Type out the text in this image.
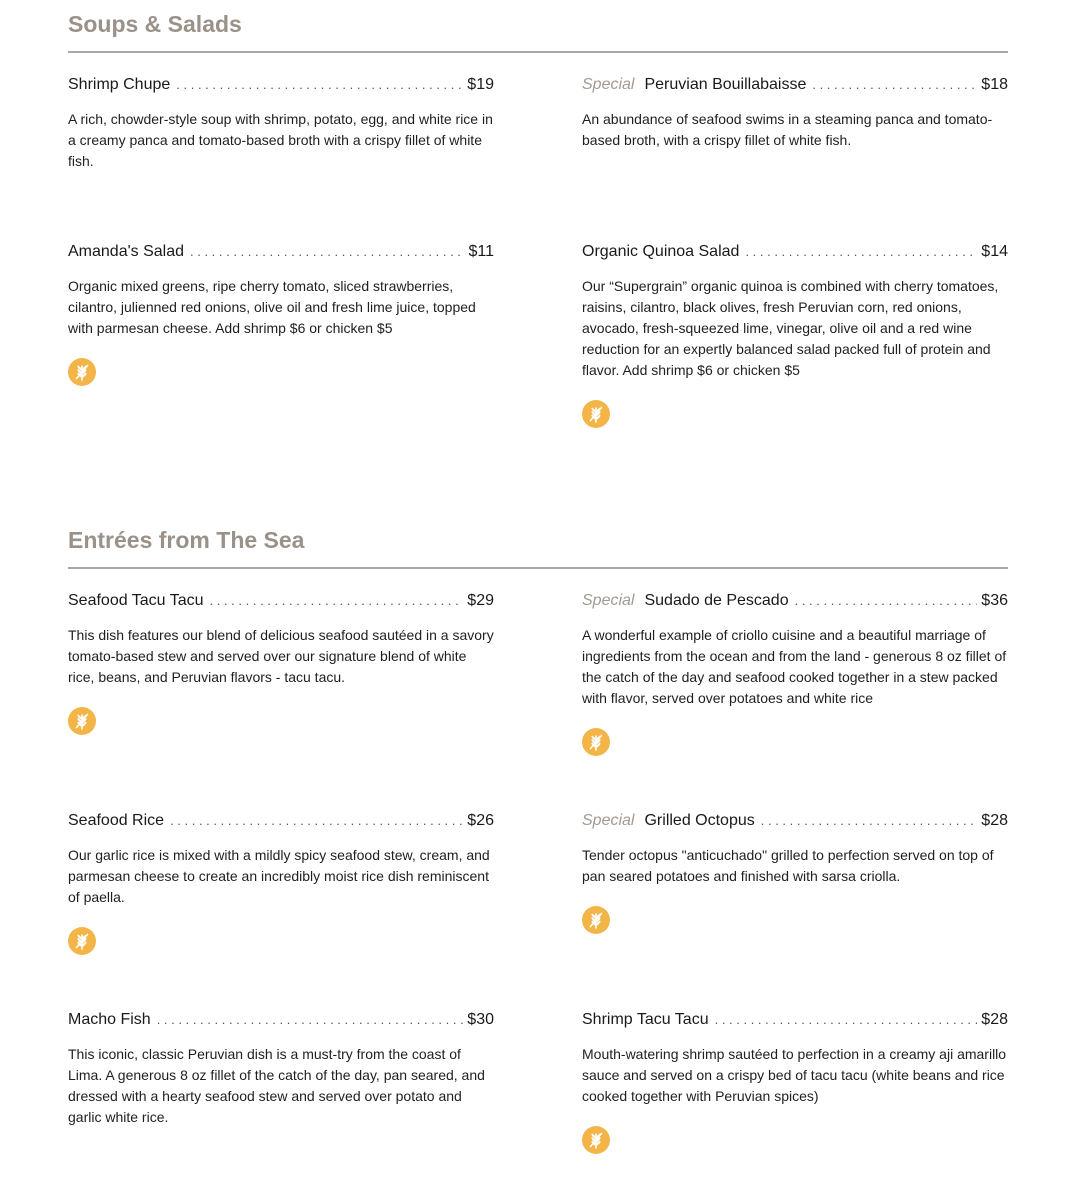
Soups & Salads
Entrées from The Sea
Shrimp Chupe . . .	$19
A rich, chowder-style soup with shrimp, potato, egg, and white rice in a creamy panca and tomato-based broth with a crispy fillet of white fish.
Special Peruvian Bouillabaisse . . .	$18
An abundance of seafood swims in a steaming panca and tomato-based broth, with a crispy fillet of white fish.
Amanda's Salad . . .	$11
Organic mixed greens, ripe cherry tomato, sliced strawberries, cilantro, julienned red onions, olive oil and fresh lime juice, topped with parmesan cheese. Add shrimp $6 or chicken $5
Organic Quinoa Salad . . .	$14
Our “Supergrain” organic quinoa is combined with cherry tomatoes, raisins, cilantro, black olives, fresh Peruvian corn, red onions, avocado, fresh-squeezed lime, vinegar, olive oil and a red wine reduction for an expertly balanced salad packed full of protein and flavor. Add shrimp $6 or chicken $5
Seafood Tacu Tacu . . .	$29
This dish features our blend of delicious seafood sautéed in a savory tomato-based stew and served over our signature blend of white rice, beans, and Peruvian flavors - tacu tacu.
Special Sudado de Pescado . . .	$36
A wonderful example of criollo cuisine and a beautiful marriage of ingredients from the ocean and from the land - generous 8 oz fillet of the catch of the day and seafood cooked together in a stew packed with flavor, served over potatoes and white rice
Seafood Rice . . .	$26
Our garlic rice is mixed with a mildly spicy seafood stew, cream, and parmesan cheese to create an incredibly moist rice dish reminiscent of paella.
Special Grilled Octopus . . .	$28
Tender octopus "anticuchado" grilled to perfection served on top of pan seared potatoes and finished with sarsa criolla.
Macho Fish . . .	$30
This iconic, classic Peruvian dish is a must-try from the coast of Lima. A generous 8 oz fillet of the catch of the day, pan seared, and dressed with a hearty seafood stew and served over potato and garlic white rice.
Shrimp Tacu Tacu . . .	$28
Mouth-watering shrimp sautéed to perfection in a creamy aji amarillo sauce and served on a crispy bed of tacu tacu (white beans and rice cooked together with Peruvian spices)
